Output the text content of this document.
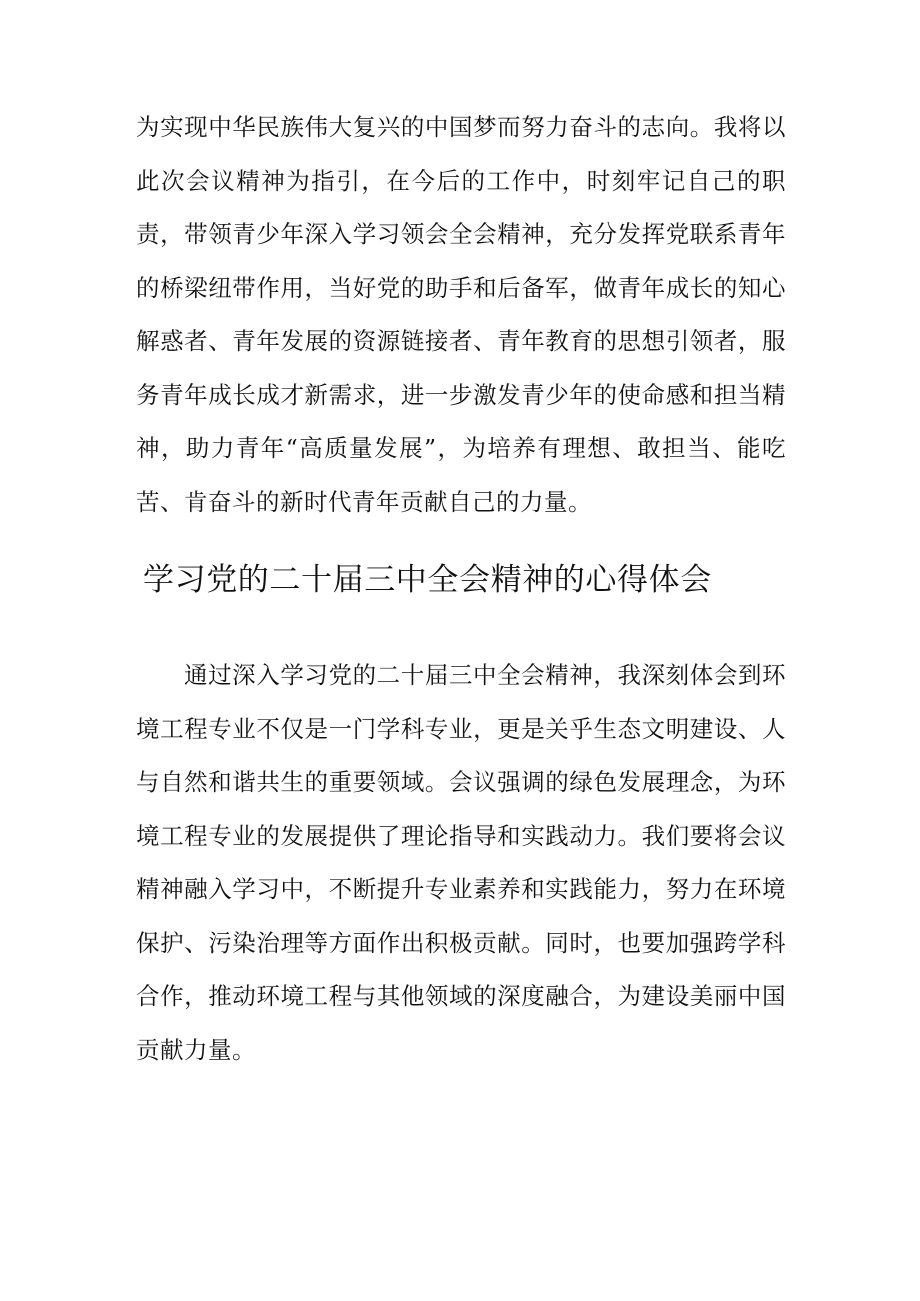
为实现中华民族伟大复兴的中国梦而努力奋斗的志向。我将以此次会议精神为指引，在今后的工作中，时刻牢记自己的职责，带领青少年深入学习领会全会精神，充分发挥党联系青年的桥梁纽带作用，当好党的助手和后备军，做青年成长的知心解惑者、青年发展的资源链接者、青年教育的思想引领者，服务青年成长成才新需求，进一步激发青少年的使命感和担当精神，助力青年“高质量发展”，为培养有理想、敢担当、能吃苦、肯奋斗的新时代青年贡献自己的力量。

学习党的二十届三中全会精神的心得体会

通过深入学习党的二十届三中全会精神，我深刻体会到环境工程专业不仅是一门学科专业，更是关乎生态文明建设、人与自然和谐共生的重要领域。会议强调的绿色发展理念，为环境工程专业的发展提供了理论指导和实践动力。我们要将会议精神融入学习中，不断提升专业素养和实践能力，努力在环境保护、污染治理等方面作出积极贡献。同时，也要加强跨学科合作，推动环境工程与其他领域的深度融合，为建设美丽中国贡献力量。
